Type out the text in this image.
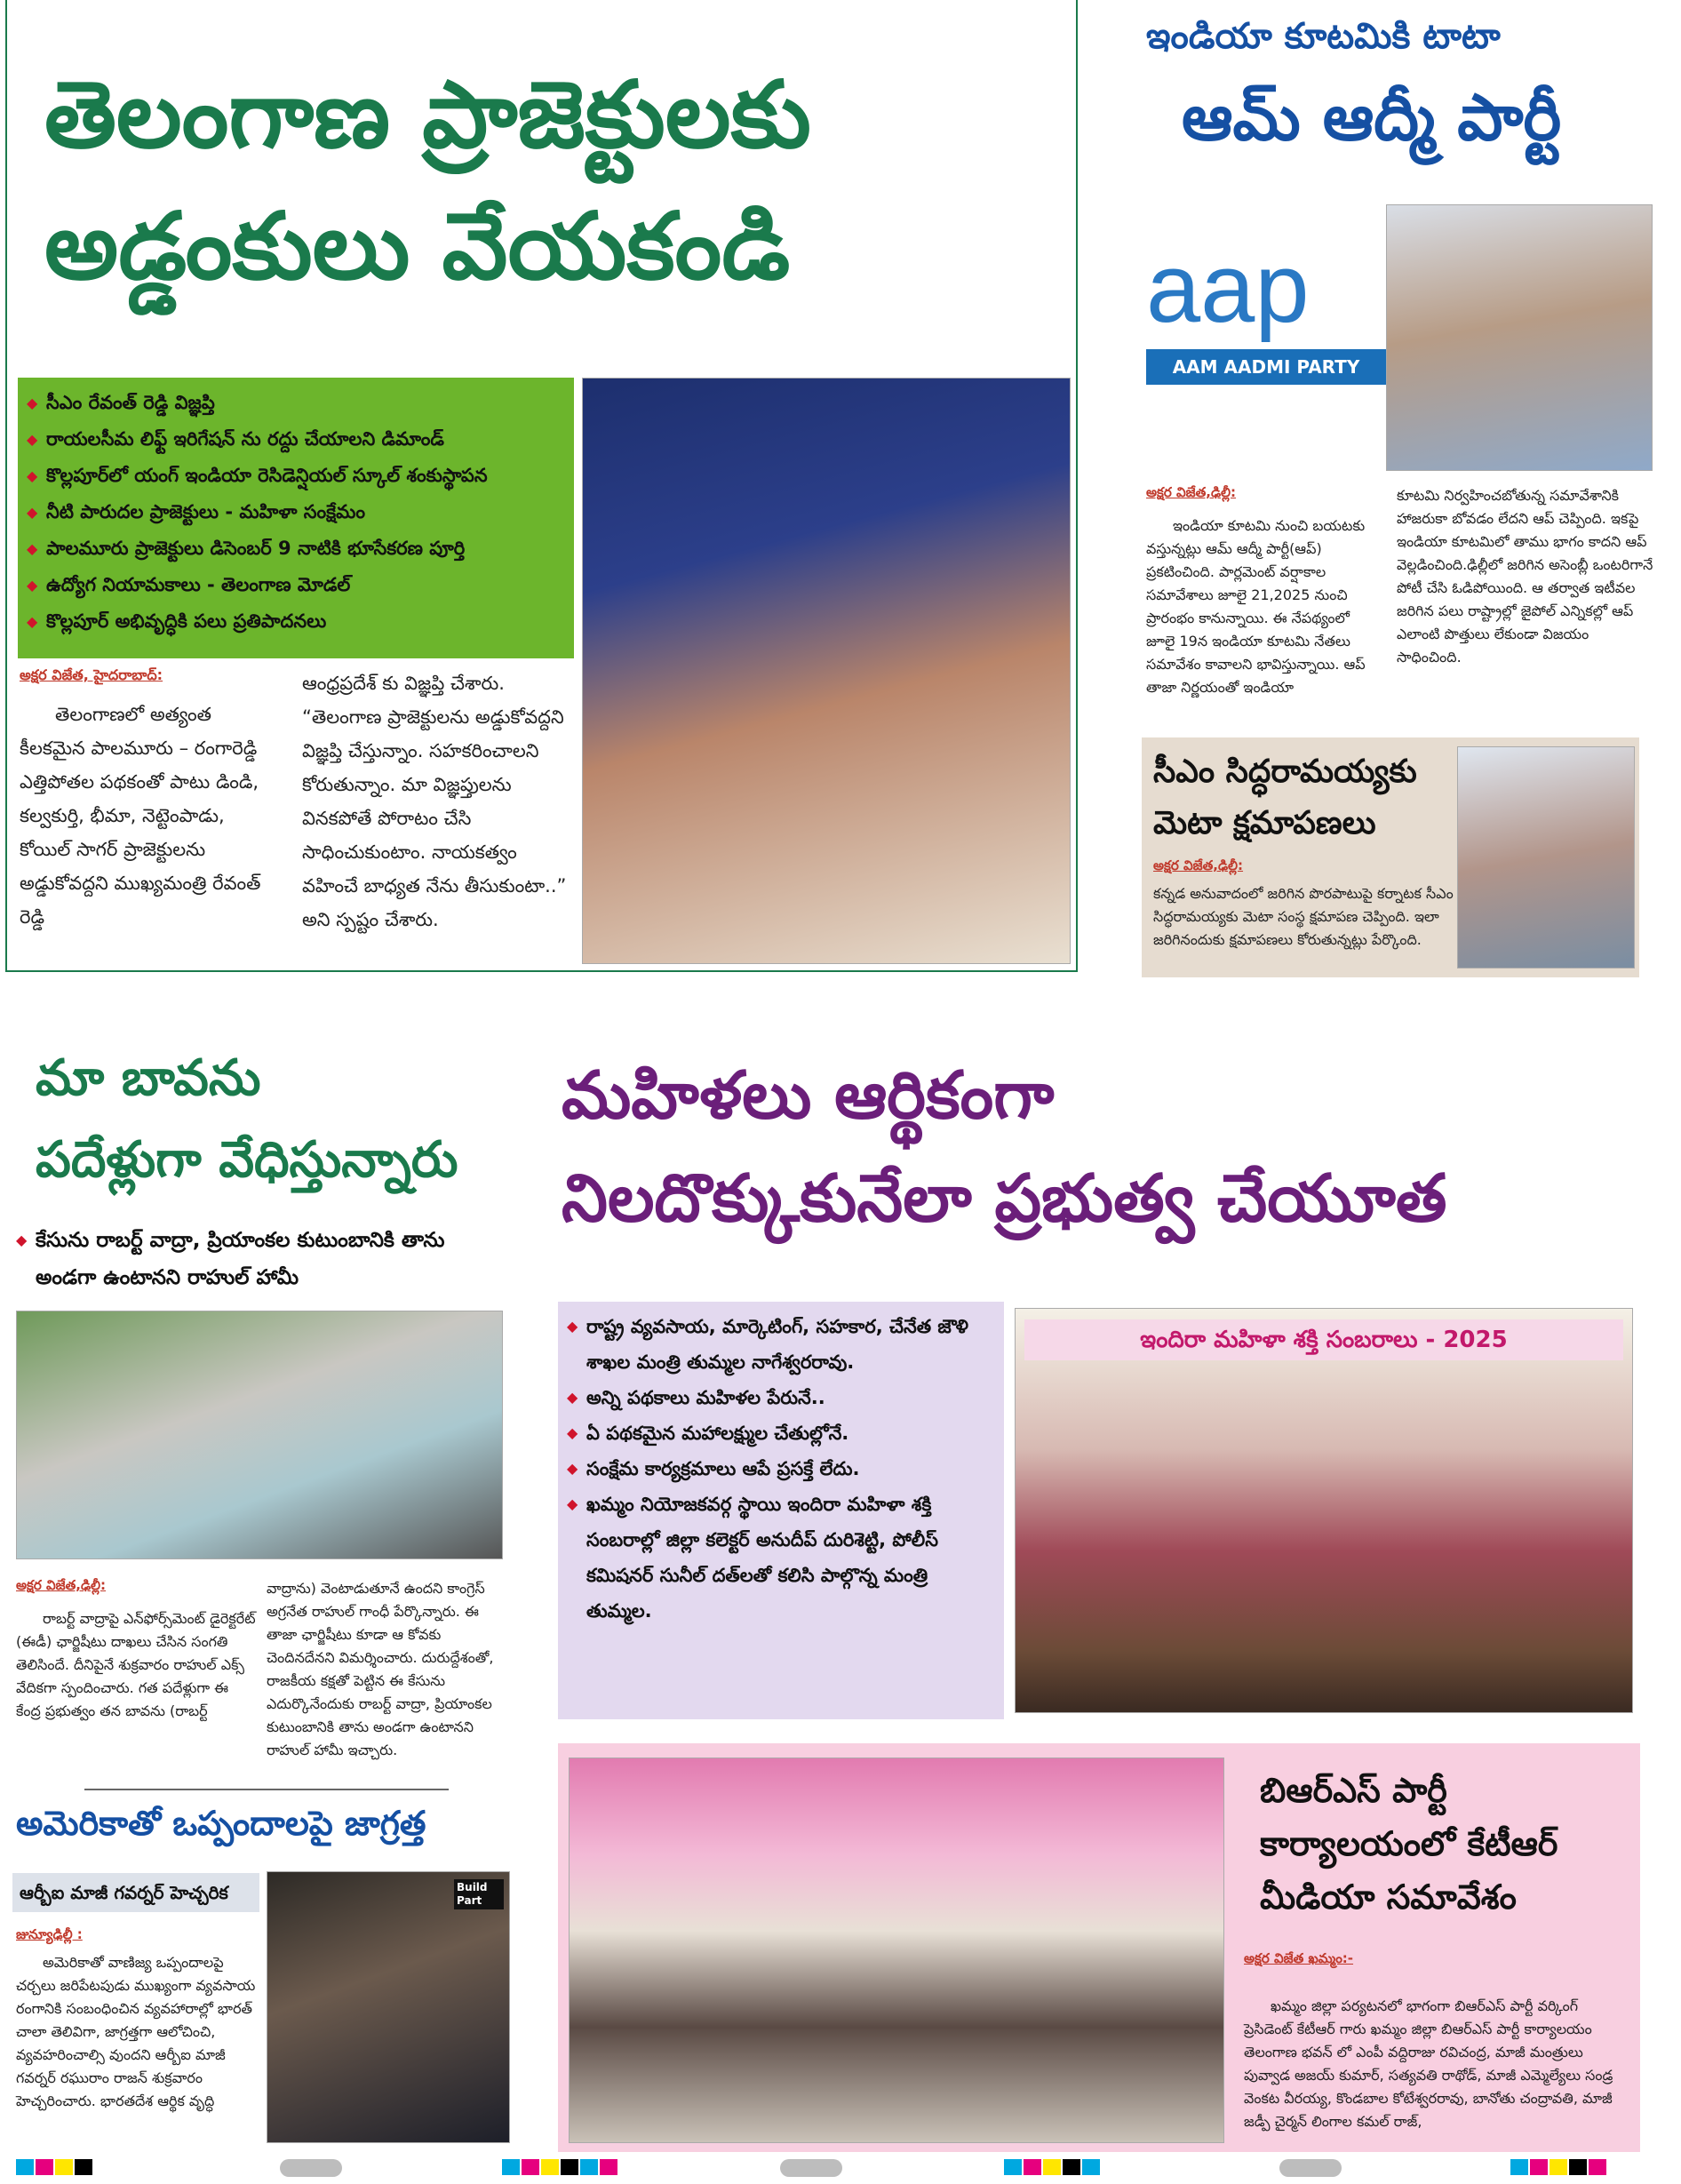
తెలంగాణ ప్రాజెక్టులకు
అడ్డంకులు వేయకండి
◆ సీఎం రేవంత్ రెడ్డి విజ్ఞప్తి
◆ రాయలసీమ లిఫ్ట్ ఇరిగేషన్ ను రద్దు చేయాలని డిమాండ్
◆ కొల్లపూర్‌లో యంగ్ ఇండియా రెసిడెన్షియల్ స్కూల్ శంకుస్థాపన
◆ నీటి పారుదల ప్రాజెక్టులు - మహిళా సంక్షేమం
◆ పాలమూరు ప్రాజెక్టులు డిసెంబర్ 9 నాటికి భూసేకరణ పూర్తి
◆ ఉద్యోగ నియామకాలు - తెలంగాణ మోడల్
◆ కొల్లపూర్ అభివృద్ధికి పలు ప్రతిపాదనలు
అక్షర విజేత, హైదరాబాద్:
తెలంగాణలో అత్యంత కీలకమైన పాలమూరు – రంగారెడ్డి ఎత్తిపోతల పథకంతో పాటు డిండి, కల్వకుర్తి, భీమా, నెట్టెంపాడు, కోయిల్ సాగర్ ప్రాజెక్టులను అడ్డుకోవద్దని ముఖ్యమంత్రి రేవంత్ రెడ్డి
ఆంధ్రప్రదేశ్ కు విజ్ఞప్తి చేశారు. “తెలంగాణ ప్రాజెక్టులను అడ్డుకోవద్దని విజ్ఞప్తి చేస్తున్నాం. సహకరించాలని కోరుతున్నాం. మా విజ్ఞప్తులను వినకపోతే పోరాటం చేసి సాధించుకుంటాం. నాయకత్వం వహించే బాధ్యత నేను తీసుకుంటా..” అని స్పష్టం చేశారు.
ఇండియా కూటమికి టాటా
ఆమ్ ఆద్మీ పార్టీ
aap
AAM AADMI PARTY
అక్షర విజేత,ఢిల్లీ:
ఇండియా కూటమి నుంచి బయటకు వస్తున్నట్లు ఆమ్ ఆద్మీ పార్టీ(ఆప్) ప్రకటించింది. పార్లమెంట్ వర్షాకాల సమావేశాలు జూలై 21,2025 నుంచి ప్రారంభం కానున్నాయి. ఈ నేపథ్యంలో జూలై 19న ఇండియా కూటమి నేతలు సమావేశం కావాలని భావిస్తున్నాయి. ఆప్ తాజా నిర్ణయంతో ఇండియా
కూటమి నిర్వహించబోతున్న సమావేశానికి హాజరుకా బోవడం లేదని ఆప్ చెప్పింది. ఇకపై ఇండియా కూటమిలో తాము భాగం కాదని ఆప్ వెల్లడించింది.ఢిల్లీలో జరిగిన అసెంబ్లీ ఒంటరిగానే పోటీ చేసి ఓడిపోయింది. ఆ తర్వాత ఇటీవల జరిగిన పలు రాష్ట్రాల్లో జైపోల్ ఎన్నికల్లో ఆప్ ఎలాంటి పొత్తులు లేకుండా విజయం సాధించింది.
సీఎం సిద్ధరామయ్యకు
మెటా క్షమాపణలు
అక్షర విజేత,ఢిల్లీ:
కన్నడ అనువాదంలో జరిగిన పొరపాటుపై కర్నాటక సీఎం సిద్ధరామయ్యకు మెటా సంస్థ క్షమాపణ చెప్పింది. ఇలా జరిగినందుకు క్షమాపణలు కోరుతున్నట్లు పేర్కొంది.
మా బావను
పదేళ్లుగా వేధిస్తున్నారు
◆ కేసును రాబర్ట్ వాద్రా, ప్రియాంకల కుటుంబానికి తాను అండగా ఉంటానని రాహుల్ హామీ
అక్షర విజేత,ఢిల్లీ:
రాబర్ట్ వాద్రాపై ఎన్‌ఫోర్స్‌మెంట్ డైరెక్టరేట్ (ఈడీ) ఛార్జిషీటు దాఖలు చేసిన సంగతి తెలిసిందే. దీనిపైనే శుక్రవారం రాహుల్ ఎక్స్ వేదికగా స్పందించారు. గత పదేళ్లుగా ఈ కేంద్ర ప్రభుత్వం తన బావను (రాబర్ట్
వాద్రాను) వెంటాడుతూనే ఉందని కాంగ్రెస్ అగ్రనేత రాహుల్ గాంధీ పేర్కొన్నారు. ఈ తాజా ఛార్జిషీటు కూడా ఆ కోవకు చెందినదేనని విమర్శించారు. దురుద్దేశంతో, రాజకీయ కక్షతో పెట్టిన ఈ కేసును ఎదుర్కొనేందుకు రాబర్ట్ వాద్రా, ప్రియాంకల కుటుంబానికి తాను అండగా ఉంటానని రాహుల్ హామీ ఇచ్చారు.
అమెరికాతో ఒప్పందాలపై జాగ్రత్త
ఆర్బీఐ మాజీ గవర్నర్ హెచ్చరిక
జున్యూఢిల్లీ :
అమెరికాతో వాణిజ్య ఒప్పందాలపై చర్చలు జరిపేటపుడు ముఖ్యంగా వ్యవసాయ రంగానికి సంబంధించిన వ్యవహారాల్లో భారత్ చాలా తెలివిగా, జాగ్రత్తగా ఆలోచించి, వ్యవహరించాల్సి వుందని ఆర్బీఐ మాజీ గవర్నర్ రఘురాం రాజన్ శుక్రవారం హెచ్చరించారు. భారతదేశ ఆర్థిక వృద్ధి
Build Part
మహిళలు ఆర్థికంగా
నిలదొక్కుకునేలా ప్రభుత్వ చేయూత
◆ రాష్ట్ర వ్యవసాయ, మార్కెటింగ్, సహకార, చేనేత జౌళి శాఖల మంత్రి తుమ్మల నాగేశ్వరరావు.
◆ అన్ని పథకాలు మహిళల పేరునే..
◆ ఏ పథకమైన మహాలక్ష్ముల చేతుల్లోనే.
◆ సంక్షేమ కార్యక్రమాలు ఆపే ప్రసక్తే లేదు.
◆ ఖమ్మం నియోజకవర్గ స్థాయి ఇందిరా మహిళా శక్తి సంబరాల్లో జిల్లా కలెక్టర్ అనుదీప్ దురిశెట్టి, పోలీస్ కమిషనర్ సునీల్ దత్‌లతో కలిసి పాల్గొన్న మంత్రి తుమ్మల.
ఇందిరా మహిళా శక్తి సంబరాలు - 2025
బిఆర్ఎస్ పార్టీ
కార్యాలయంలో కేటీఆర్
మీడియా సమావేశం
అక్షర విజేత ఖమ్మం:-
ఖమ్మం జిల్లా పర్యటనలో భాగంగా బిఆర్ఎస్ పార్టీ వర్కింగ్ ప్రెసిడెంట్ కేటీఆర్ గారు ఖమ్మం జిల్లా బిఆర్ఎస్ పార్టీ కార్యాలయం తెలంగాణ భవన్ లో ఎంపీ వద్దిరాజు రవిచంద్ర, మాజీ మంత్రులు పువ్వాడ అజయ్ కుమార్, సత్యవతి రాథోడ్, మాజీ ఎమ్మెల్యేలు సండ్ర వెంకట వీరయ్య, కొండబాల కోటేశ్వరరావు, బానోతు చంద్రావతి, మాజీ జడ్పీ చైర్మన్ లింగాల కమల్ రాజ్,
